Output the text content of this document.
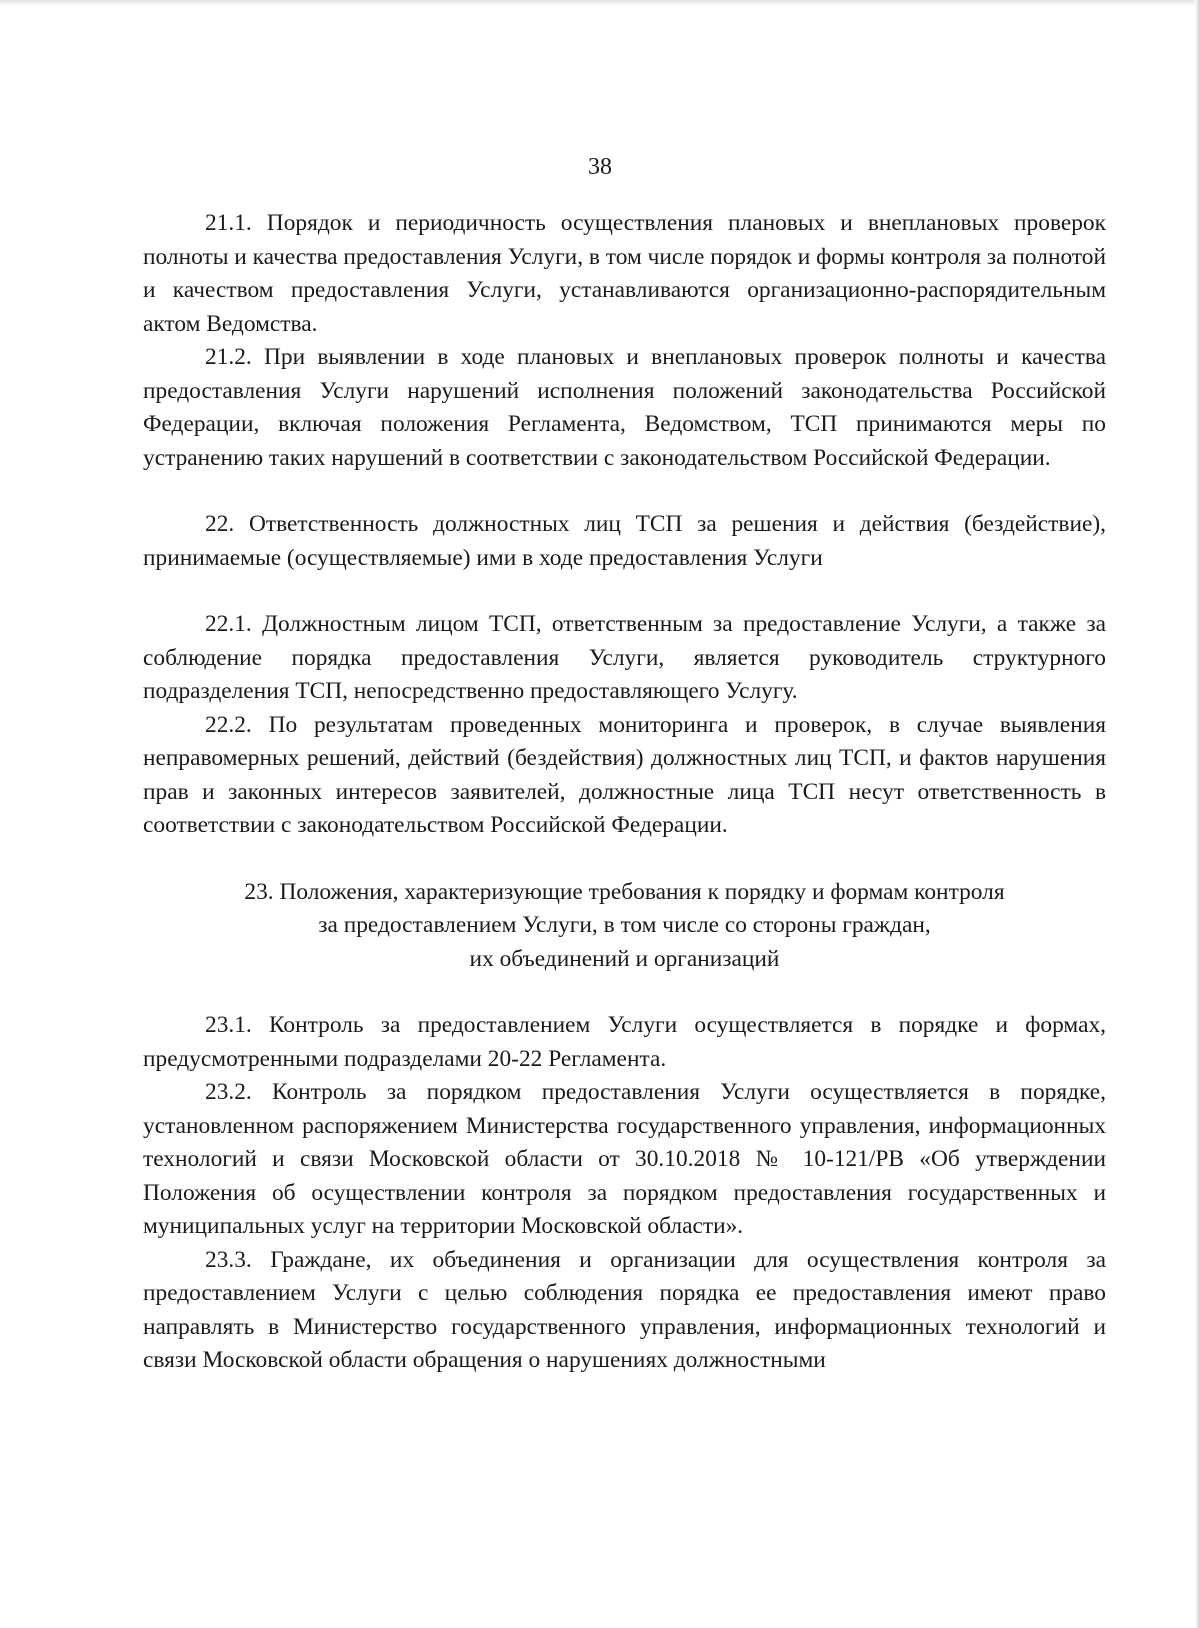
38

21.1. Порядок и периодичность осуществления плановых и внеплановых проверок полноты и качества предоставления Услуги, в том числе порядок и формы контроля за полнотой и качеством предоставления Услуги, устанавливаются организационно-распорядительным актом Ведомства.

21.2. При выявлении в ходе плановых и внеплановых проверок полноты и качества предоставления Услуги нарушений исполнения положений законодательства Российской Федерации, включая положения Регламента, Ведомством, ТСП принимаются меры по устранению таких нарушений в соответствии с законодательством Российской Федерации.

22. Ответственность должностных лиц ТСП за решения и действия (бездействие), принимаемые (осуществляемые) ими в ходе предоставления Услуги

22.1. Должностным лицом ТСП, ответственным за предоставление Услуги, а также за соблюдение порядка предоставления Услуги, является руководитель структурного подразделения ТСП, непосредственно предоставляющего Услугу.

22.2. По результатам проведенных мониторинга и проверок, в случае выявления неправомерных решений, действий (бездействия) должностных лиц ТСП, и фактов нарушения прав и законных интересов заявителей, должностные лица ТСП несут ответственность в соответствии с законодательством Российской Федерации.

23. Положения, характеризующие требования к порядку и формам контроля

за предоставлением Услуги, в том числе со стороны граждан,

их объединений и организаций

23.1. Контроль за предоставлением Услуги осуществляется в порядке и формах, предусмотренными подразделами 20-22 Регламента.

23.2. Контроль за порядком предоставления Услуги осуществляется в порядке, установленном распоряжением Министерства государственного управления, информационных технологий и связи Московской области от 30.10.2018 № 10-121/РВ «Об утверждении Положения об осуществлении контроля за порядком предоставления государственных и муниципальных услуг на территории Московской области».

23.3. Граждане, их объединения и организации для осуществления контроля за предоставлением Услуги с целью соблюдения порядка ее предоставления имеют право направлять в Министерство государственного управления, информационных технологий и связи Московской области обращения о нарушениях должностными
